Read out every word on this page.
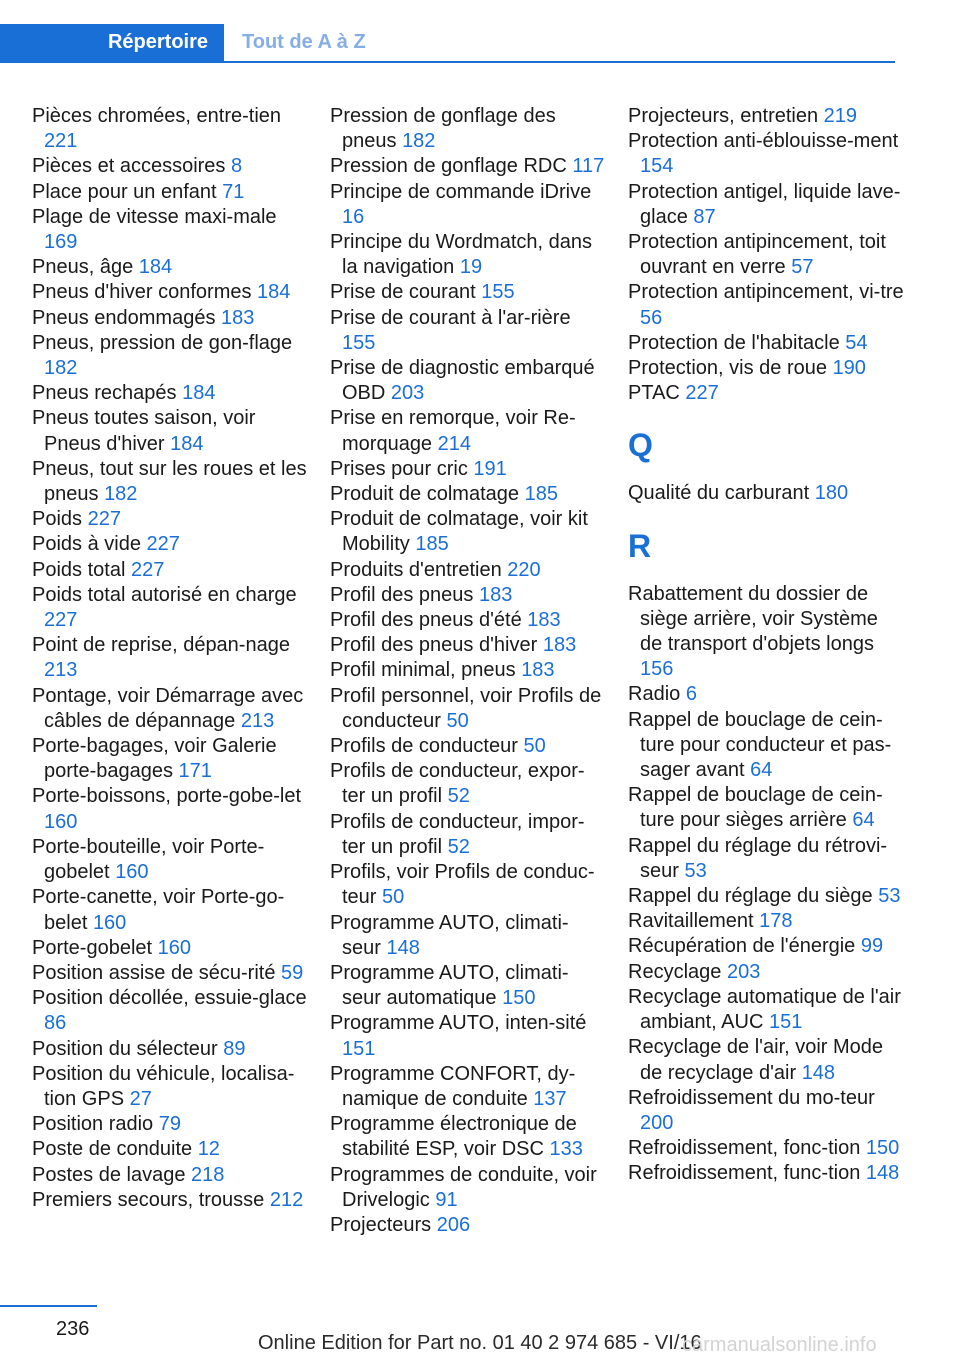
Répertoire	Tout de A à Z
Pièces chromées, entre-tien 221
Pièces et accessoires 8
Place pour un enfant 71
Plage de vitesse maxi-male 169
Pneus, âge 184
Pneus d'hiver conformes 184
Pneus endommagés 183
Pneus, pression de gon-flage 182
Pneus rechapés 184
Pneus toutes saison, voir Pneus d'hiver 184
Pneus, tout sur les roues et les pneus 182
Poids 227
Poids à vide 227
Poids total 227
Poids total autorisé en charge 227
Point de reprise, dépan-nage 213
Pontage, voir Démarrage avec câbles de dépannage 213
Porte-bagages, voir Galerie porte-bagages 171
Porte-boissons, porte-gobe-let 160
Porte-bouteille, voir Porte-gobelet 160
Porte-canette, voir Porte-go-belet 160
Porte-gobelet 160
Position assise de sécu-rité 59
Position décollée, essuie-glace 86
Position du sélecteur 89
Position du véhicule, localisa-tion GPS 27
Position radio 79
Poste de conduite 12
Postes de lavage 218
Premiers secours, trousse 212
Pression de gonflage des pneus 182
Pression de gonflage RDC 117
Principe de commande iDrive 16
Principe du Wordmatch, dans la navigation 19
Prise de courant 155
Prise de courant à l'ar-rière 155
Prise de diagnostic embarqué OBD 203
Prise en remorque, voir Re-morquage 214
Prises pour cric 191
Produit de colmatage 185
Produit de colmatage, voir kit Mobility 185
Produits d'entretien 220
Profil des pneus 183
Profil des pneus d'été 183
Profil des pneus d'hiver 183
Profil minimal, pneus 183
Profil personnel, voir Profils de conducteur 50
Profils de conducteur 50
Profils de conducteur, expor-ter un profil 52
Profils de conducteur, impor-ter un profil 52
Profils, voir Profils de conduc-teur 50
Programme AUTO, climati-seur 148
Programme AUTO, climati-seur automatique 150
Programme AUTO, inten-sité 151
Programme CONFORT, dy-namique de conduite 137
Programme électronique de stabilité ESP, voir DSC 133
Programmes de conduite, voir Drivelogic 91
Projecteurs 206
Projecteurs, entretien 219
Protection anti-éblouisse-ment 154
Protection antigel, liquide lave-glace 87
Protection antipincement, toit ouvrant en verre 57
Protection antipincement, vi-tre 56
Protection de l'habitacle 54
Protection, vis de roue 190
PTAC 227
Q
Qualité du carburant 180
R
Rabattement du dossier de siège arrière, voir Système de transport d'objets longs 156
Radio 6
Rappel de bouclage de cein-ture pour conducteur et pas-sager avant 64
Rappel de bouclage de cein-ture pour sièges arrière 64
Rappel du réglage du rétrovi-seur 53
Rappel du réglage du siège 53
Ravitaillement 178
Récupération de l'énergie 99
Recyclage 203
Recyclage automatique de l'air ambiant, AUC 151
Recyclage de l'air, voir Mode de recyclage d'air 148
Refroidissement du mo-teur 200
Refroidissement, fonc-tion 150
Refroidissement, func-tion 148
236
Online Edition for Part no. 01 40 2 974 685 - VI/16
carmanualsonline.info
